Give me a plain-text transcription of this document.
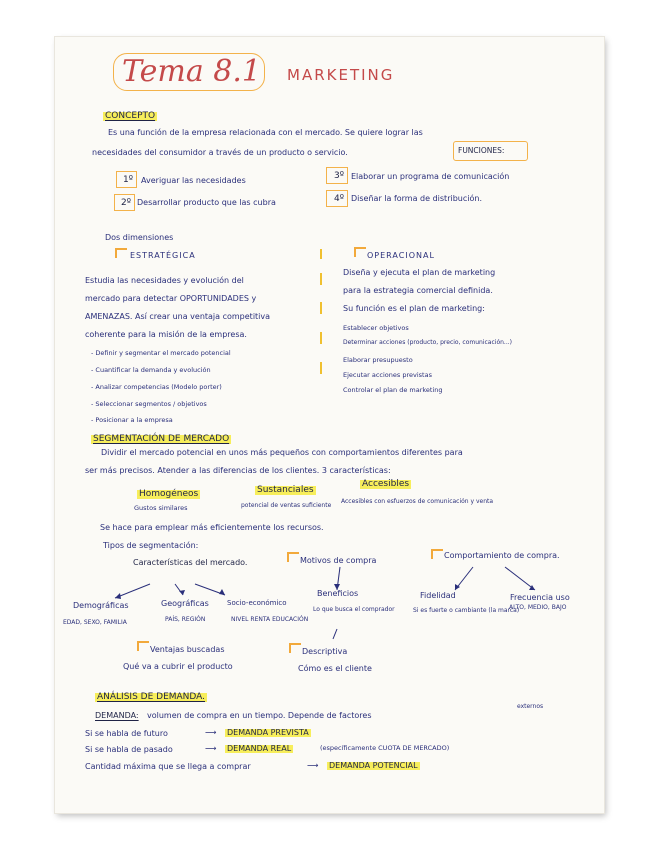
Tema 8.1 MARKETING
CONCEPTO
Es una función de la empresa relacionada con el mercado. Se quiere lograr las
necesidades del consumidor a través de un producto o servicio.	FUNCIONES:
1º Averiguar las necesidades
2º Desarrollar producto que las cubra
3º Elaborar un programa de comunicación
4º Diseñar la forma de distribución.
Dos dimensiones
ESTRATÉGICA
Estudia las necesidades y evolución del
mercado para detectar OPORTUNIDADES y
AMENAZAS. Así crear una ventaja competitiva
coherente para la misión de la empresa.
- Definir y segmentar el mercado potencial
- Cuantificar la demanda y evolución
- Analizar competencias (Modelo porter)
- Seleccionar segmentos / objetivos
- Posicionar a la empresa
OPERACIONAL
Diseña y ejecuta el plan de marketing
para la estrategia comercial definida.
Su función es el plan de marketing:
Establecer objetivos
Determinar acciones (producto, precio, comunicación...)
Elaborar presupuesto
Ejecutar acciones previstas
Controlar el plan de marketing
SEGMENTACIÓN DE MERCADO
Dividir el mercado potencial en unos más pequeños con comportamientos diferentes para
ser más precisos. Atender a las diferencias de los clientes. 3 características:
Homogéneos
Gustos similares
Sustanciales
potencial de ventas suficiente
Accesibles
Accesibles con esfuerzos de comunicación y venta
Se hace para emplear más eficientemente los recursos.
Tipos de segmentación:
Características del mercado.	Motivos de compra
Comportamiento de compra.
Demográficas
EDAD, SEXO, FAMILIA
Geográficas
PAÍS, REGIÓN
Socio-económico
NIVEL RENTA EDUCACIÓN
Beneficios
Lo que busca el comprador
Fidelidad
Si es fuerte o cambiante (la marca)
Frecuencia uso
ALTO, MEDIO, BAJO
Ventajas buscadas
Qué va a cubrir el producto
Descriptiva
Cómo es el cliente
ANÁLISIS DE DEMANDA.
DEMANDA: volumen de compra en un tiempo. Depende de factores
externos
Si se habla de futuro	⟶ DEMANDA PREVISTA
Si se habla de pasado	⟶ DEMANDA REAL	(específicamente CUOTA DE MERCADO)
Cantidad máxima que se llega a comprar	⟶ DEMANDA POTENCIAL
